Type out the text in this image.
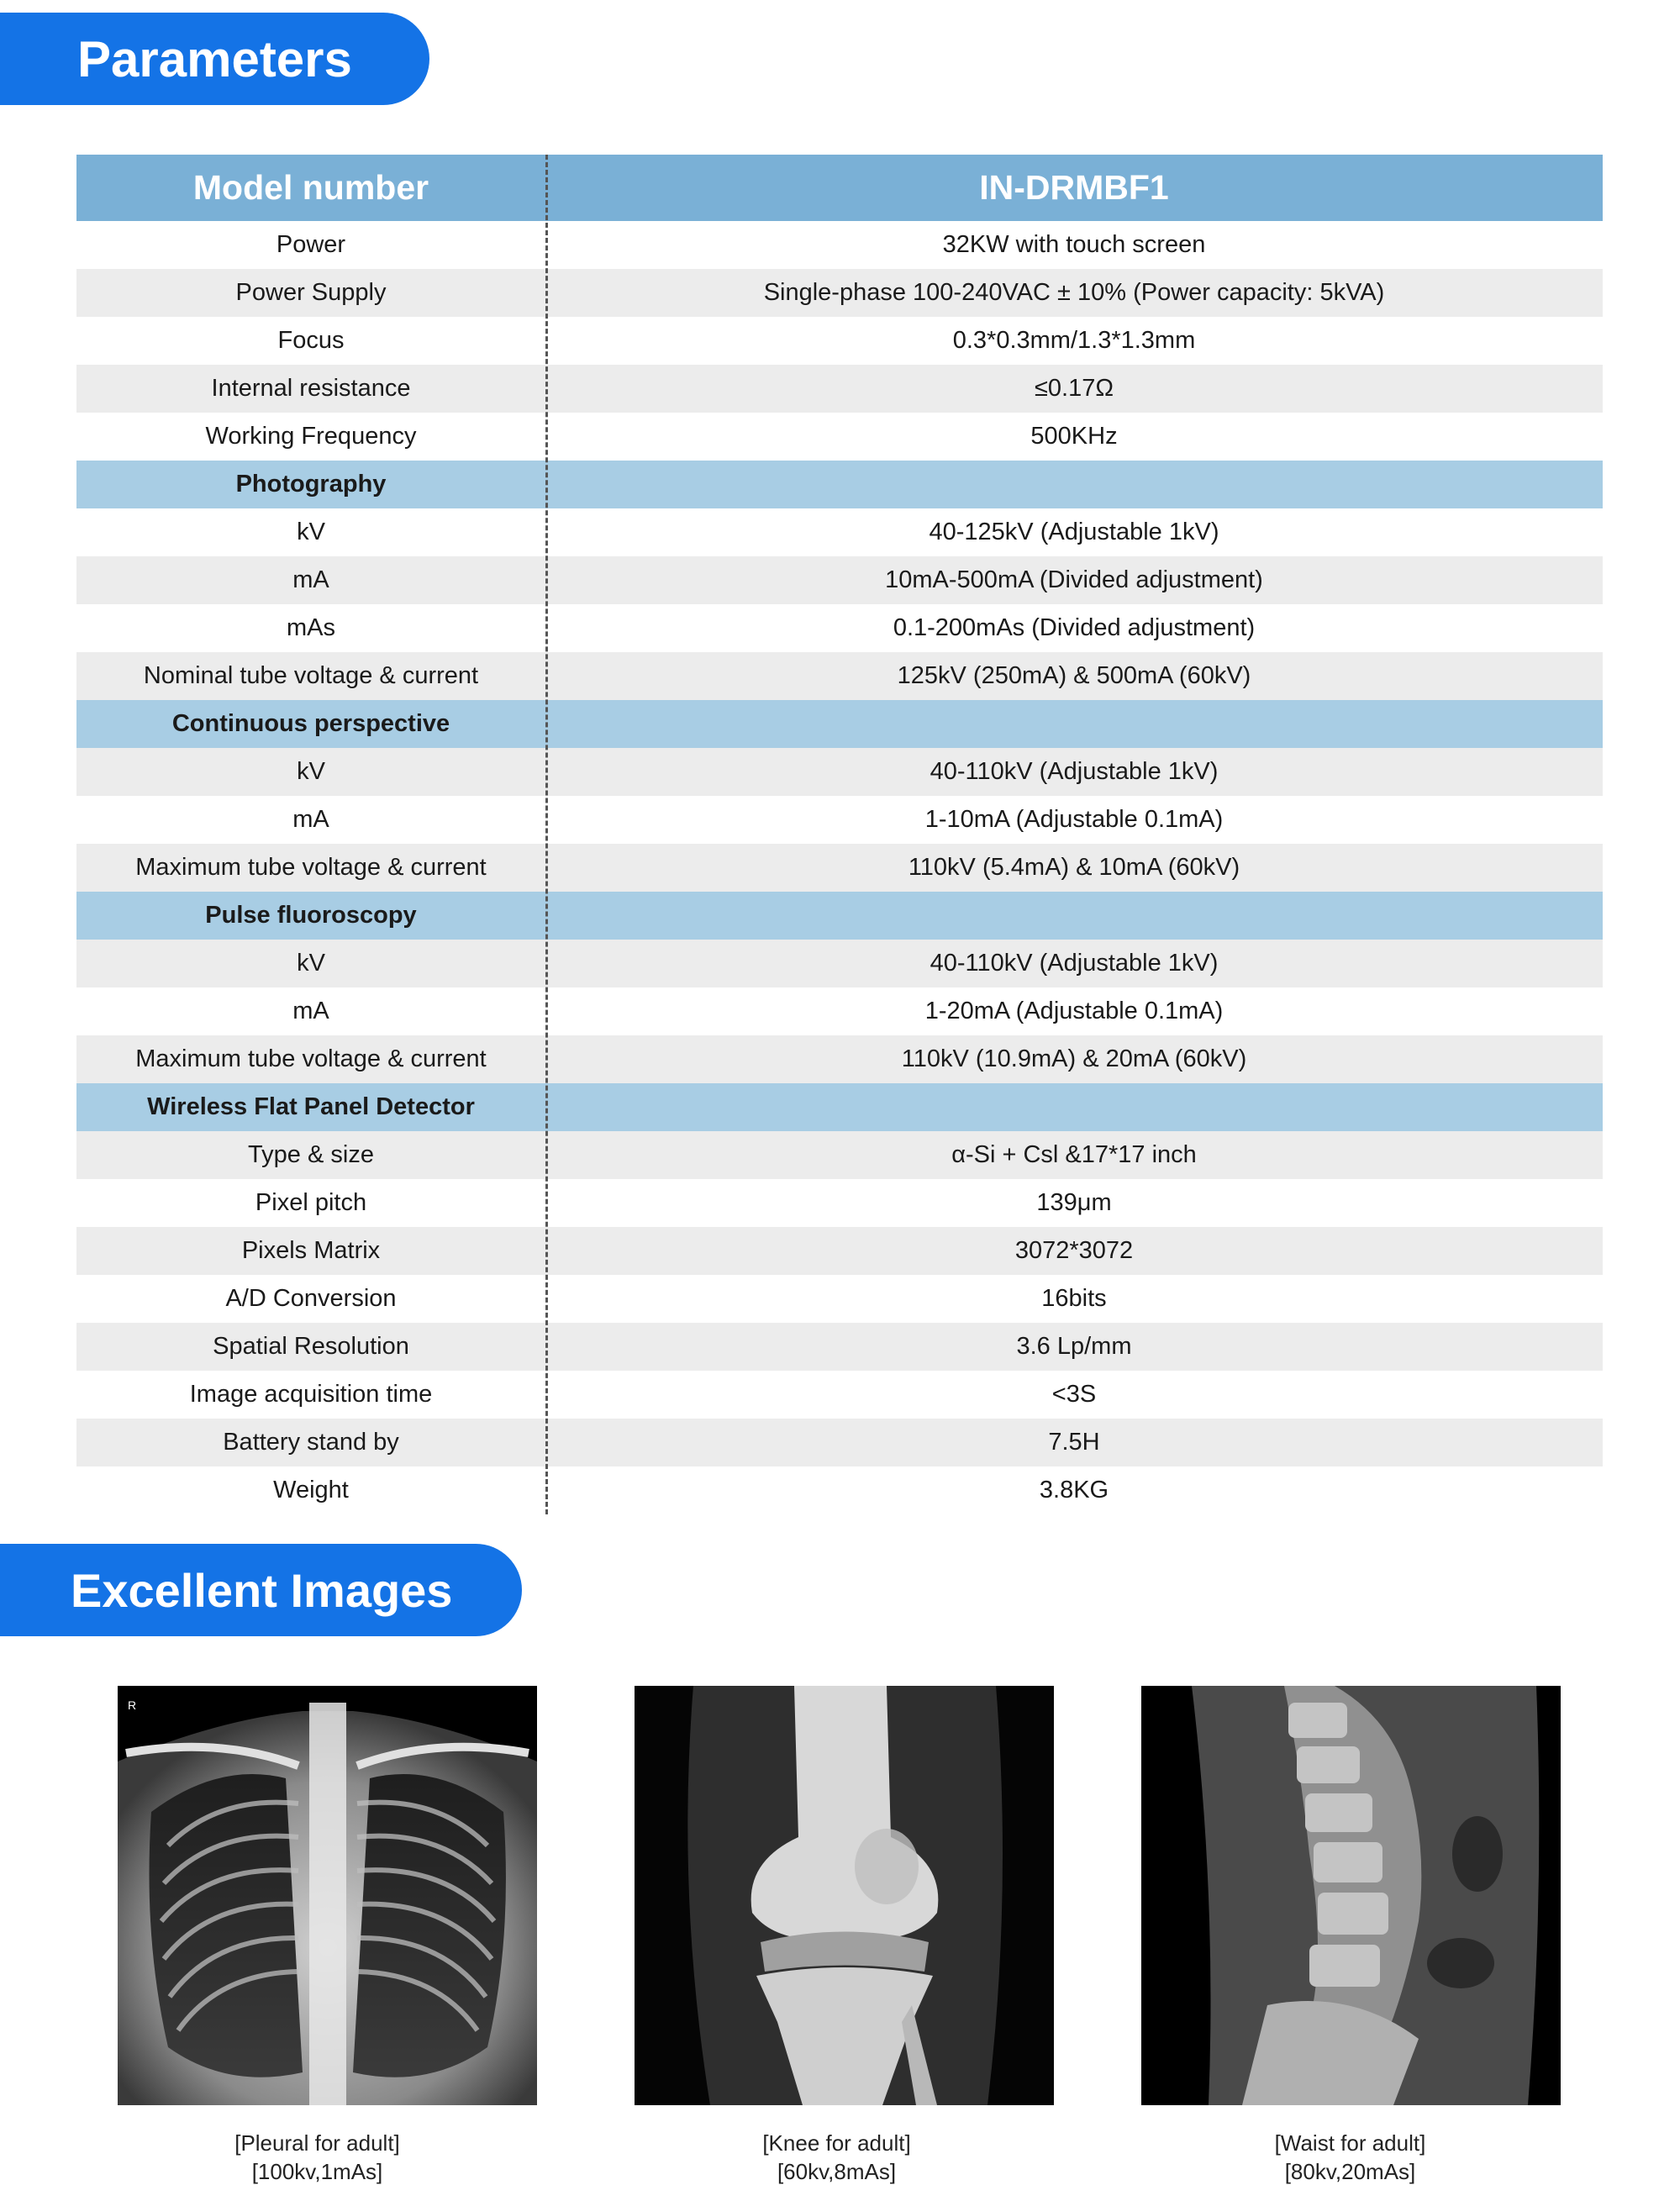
Parameters
Model number	IN-DRMBF1
Power	32KW with touch screen
Power Supply	Single-phase 100-240VAC ± 10% (Power capacity: 5kVA)
Focus	0.3*0.3mm/1.3*1.3mm
Internal resistance	≤0.17Ω
Working Frequency	500KHz
Photography
kV	40-125kV (Adjustable 1kV)
mA	10mA-500mA (Divided adjustment)
mAs	0.1-200mAs (Divided adjustment)
Nominal tube voltage & current	125kV (250mA) & 500mA (60kV)
Continuous perspective
kV	40-110kV (Adjustable 1kV)
mA	1-10mA (Adjustable 0.1mA)
Maximum tube voltage & current	110kV (5.4mA) & 10mA (60kV)
Pulse fluoroscopy
kV	40-110kV (Adjustable 1kV)
mA	1-20mA (Adjustable 0.1mA)
Maximum tube voltage & current	110kV (10.9mA) & 20mA (60kV)
Wireless Flat Panel Detector
Type & size	α-Si + Csl &17*17 inch
Pixel pitch	139μm
Pixels Matrix	3072*3072
A/D Conversion	16bits
Spatial Resolution	3.6 Lp/mm
Image acquisition time	<3S
Battery stand by	7.5H
Weight	3.8KG
Excellent Images
R
[Pleural for adult]
[100kv,1mAs]
[Knee for adult]
[60kv,8mAs]
[Waist for adult]
[80kv,20mAs]
